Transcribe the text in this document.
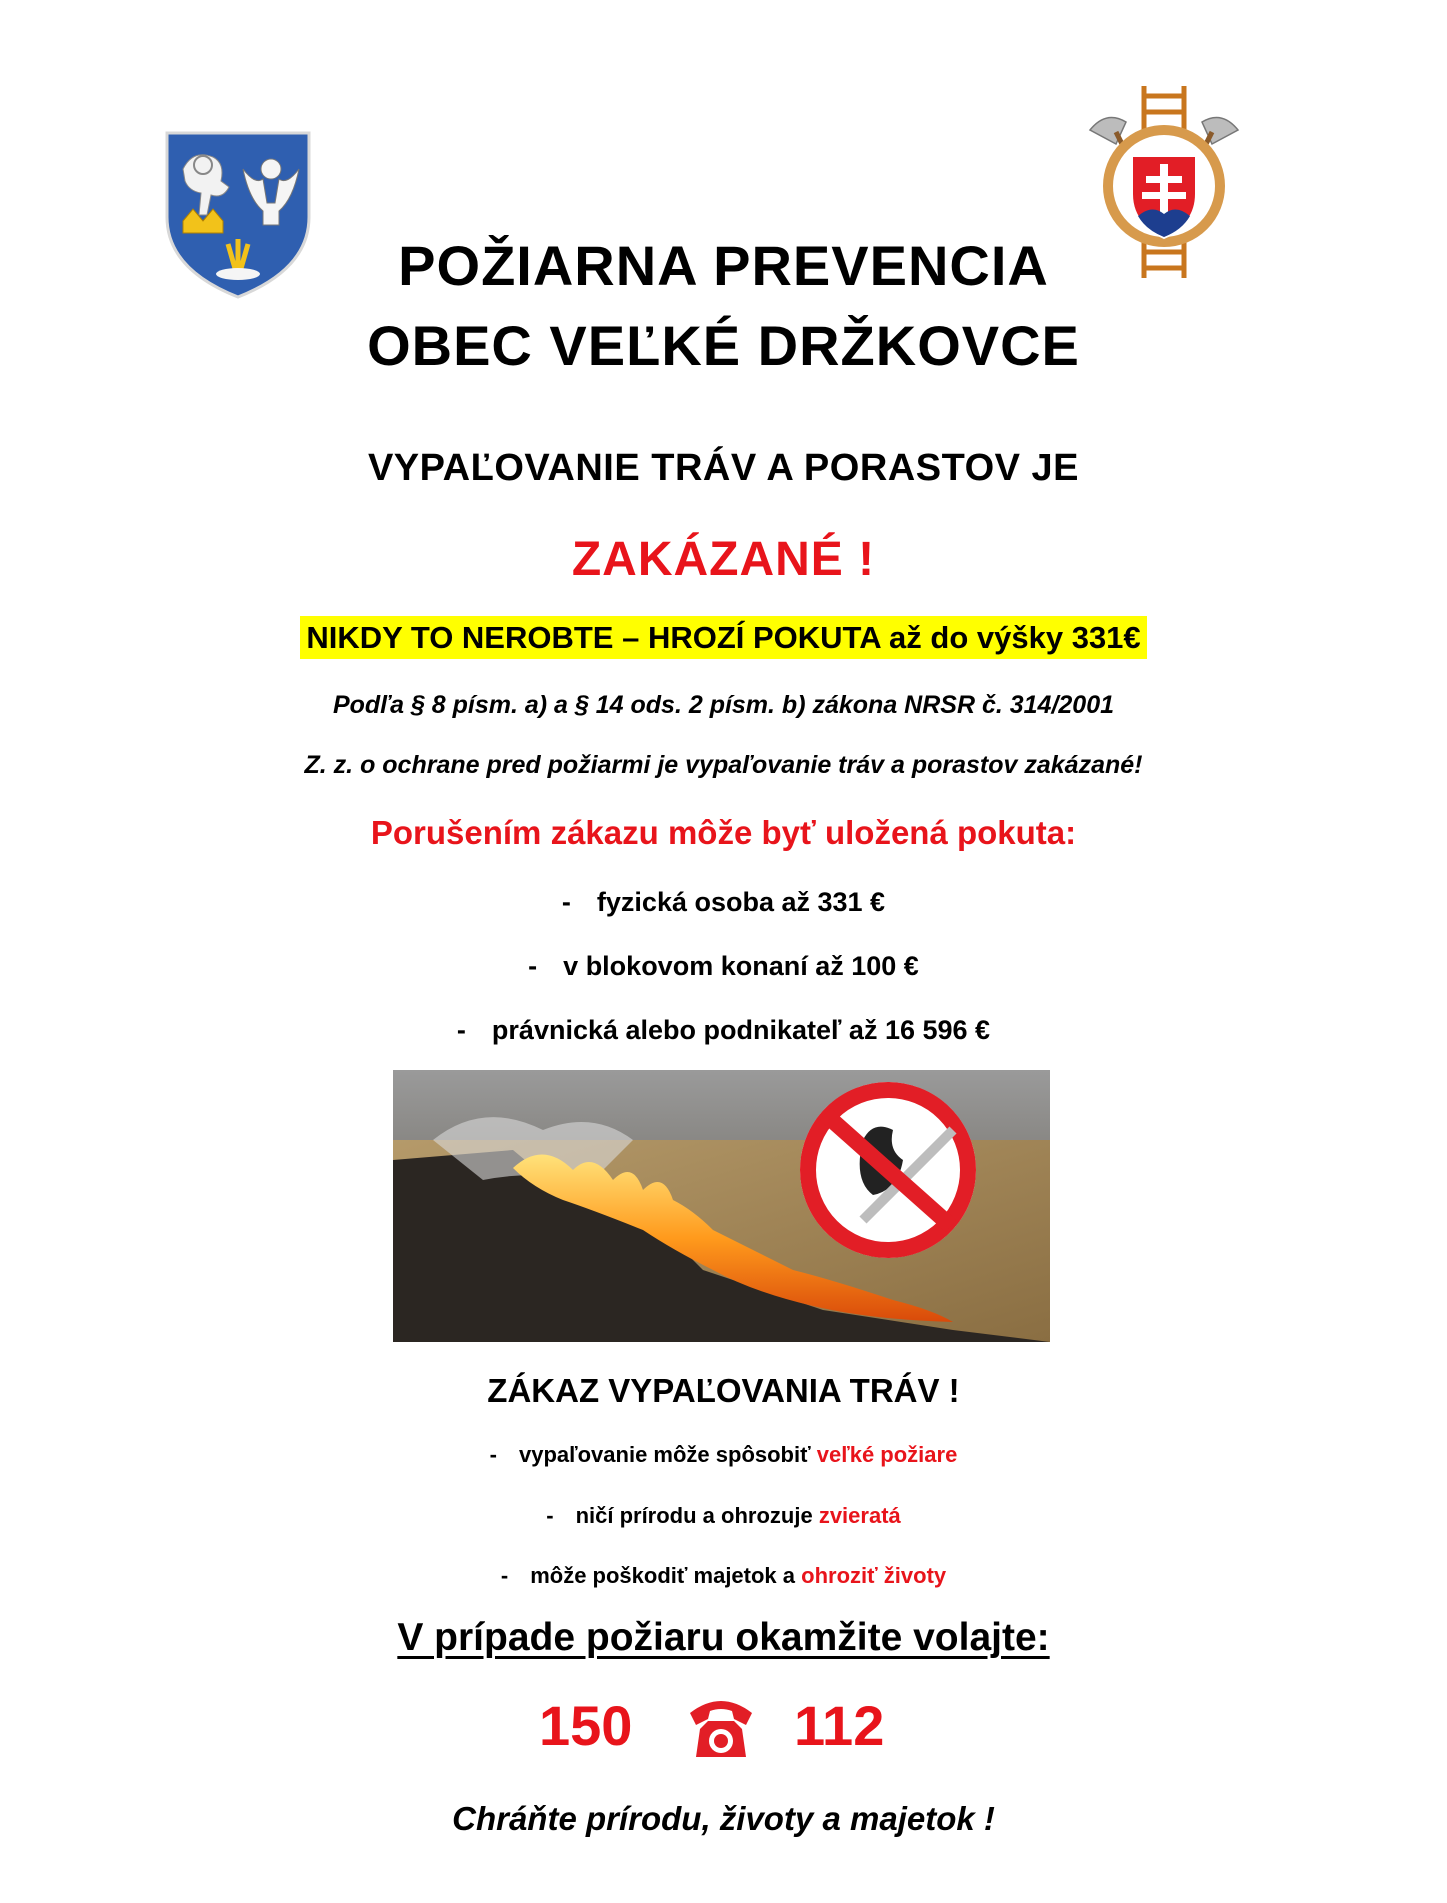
POŽIARNA PREVENCIA
OBEC VEĽKÉ DRŽKOVCE
VYPAĽOVANIE TRÁV A PORASTOV JE
ZAKÁZANÉ !
NIKDY TO NEROBTE – HROZÍ POKUTA až do výšky 331€
Podľa § 8 písm. a) a § 14 ods. 2 písm. b) zákona NRSR č. 314/2001
Z. z. o ochrane pred požiarmi je vypaľovanie tráv a porastov zakázané!
Porušením zákazu môže byť uložená pokuta:
- fyzická osoba až 331 €
- v blokovom konaní až 100 €
- právnická alebo podnikateľ až 16 596 €
ZÁKAZ VYPAĽOVANIA TRÁV !
- vypaľovanie môže spôsobiť veľké požiare
- ničí prírodu a ohrozuje zvieratá
- môže poškodiť majetok a ohroziť životy
V prípade požiaru okamžite volajte:
150	112
Chráňte prírodu, životy a majetok !
